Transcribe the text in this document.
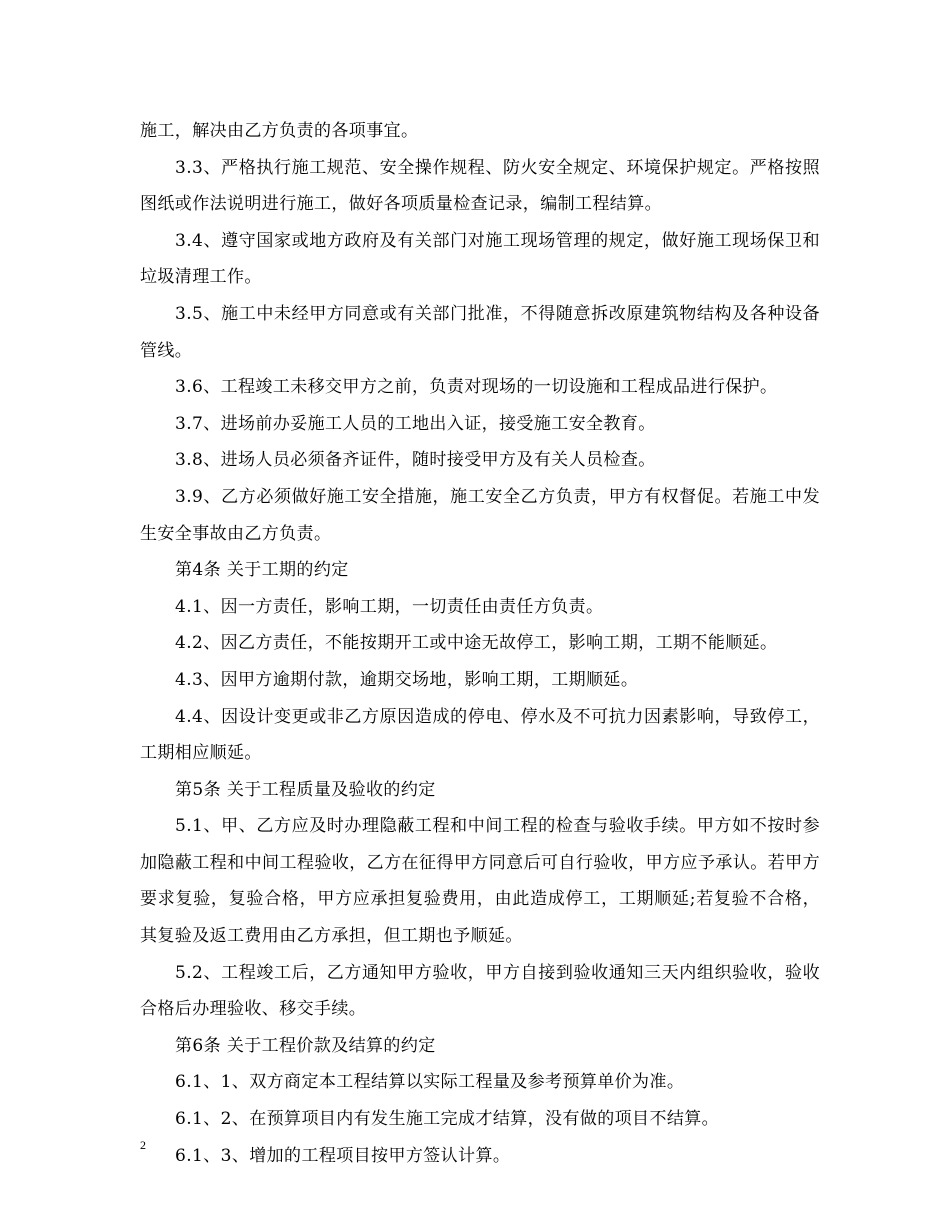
施工，解决由乙方负责的各项事宜。

3.3、严格执行施工规范、安全操作规程、防火安全规定、环境保护规定。严格按照图纸或作法说明进行施工，做好各项质量检查记录，编制工程结算。

3.4、遵守国家或地方政府及有关部门对施工现场管理的规定，做好施工现场保卫和垃圾清理工作。

3.5、施工中未经甲方同意或有关部门批准，不得随意拆改原建筑物结构及各种设备管线。

3.6、工程竣工未移交甲方之前，负责对现场的一切设施和工程成品进行保护。

3.7、进场前办妥施工人员的工地出入证，接受施工安全教育。

3.8、进场人员必须备齐证件，随时接受甲方及有关人员检查。

3.9、乙方必须做好施工安全措施，施工安全乙方负责，甲方有权督促。若施工中发生安全事故由乙方负责。

第4条 关于工期的约定

4.1、因一方责任，影响工期，一切责任由责任方负责。

4.2、因乙方责任，不能按期开工或中途无故停工，影响工期，工期不能顺延。

4.3、因甲方逾期付款，逾期交场地，影响工期，工期顺延。

4.4、因设计变更或非乙方原因造成的停电、停水及不可抗力因素影响，导致停工，工期相应顺延。

第5条 关于工程质量及验收的约定

5.1、甲、乙方应及时办理隐蔽工程和中间工程的检查与验收手续。甲方如不按时参加隐蔽工程和中间工程验收，乙方在征得甲方同意后可自行验收，甲方应予承认。若甲方要求复验，复验合格，甲方应承担复验费用，由此造成停工，工期顺延;若复验不合格，其复验及返工费用由乙方承担，但工期也予顺延。

5.2、工程竣工后，乙方通知甲方验收，甲方自接到验收通知三天内组织验收，验收合格后办理验收、移交手续。

第6条 关于工程价款及结算的约定

6.1、1、双方商定本工程结算以实际工程量及参考预算单价为准。

6.1、2、在预算项目内有发生施工完成才结算，没有做的项目不结算。

6.1、3、增加的工程项目按甲方签认计算。

2
